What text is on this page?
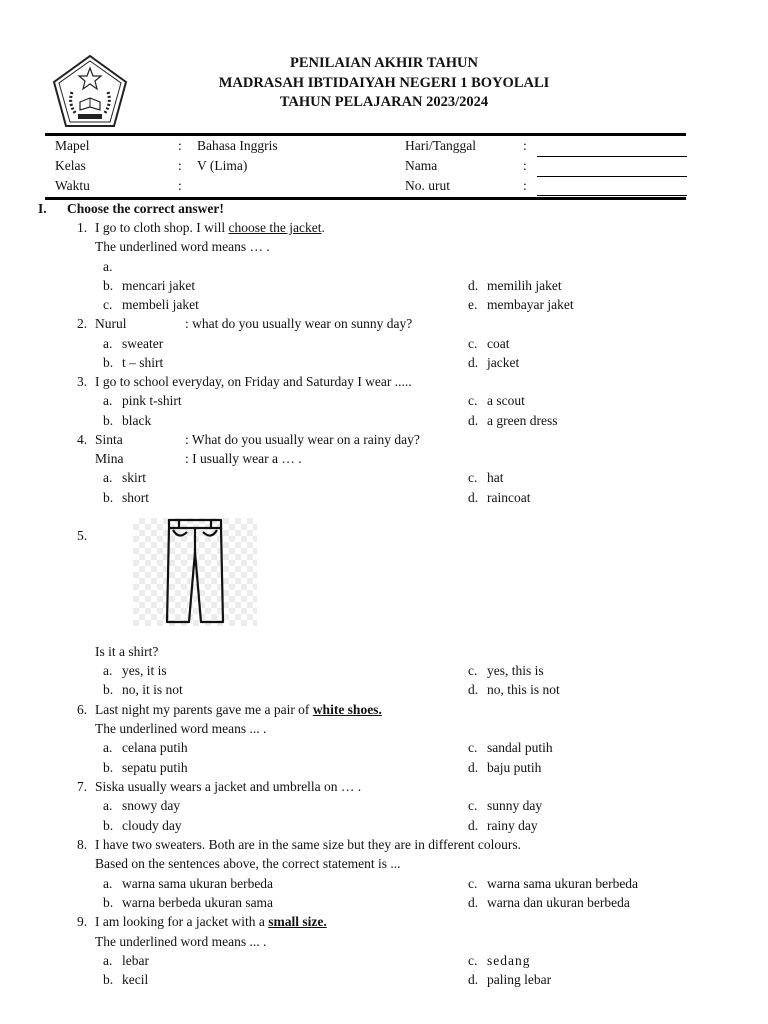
PENILAIAN AKHIR TAHUN
MADRASAH IBTIDAIYAH NEGERI 1 BOYOLALI
TAHUN PELAJARAN 2023/2024
Mapel	: Bahasa Inggris
Kelas	: V (Lima)
Waktu	:
Hari/Tanggal	:
Nama	:
No. urut	:
I. Choose the correct answer!
1. I go to cloth shop. I will choose the jacket.
The underlined word means … .
a.
b. mencari jaket
c. membeli jaket
d. memilih jaket
e. membayar jaket
2. Nurul	: what do you usually wear on sunny day?
a. sweater
b. t – shirt
c. coat
d. jacket
3. I go to school everyday, on Friday and Saturday I wear .....
a. pink t-shirt
b. black
c. a scout
d. a green dress
4. Sinta	: What do you usually wear on a rainy day?
Mina	: I usually wear a … .
a. skirt
b. short
c. hat
d. raincoat
5.
Is it a shirt?
a. yes, it is
b. no, it is not
c. yes, this is
d. no, this is not
6. Last night my parents gave me a pair of white shoes.
The underlined word means ... .
a. celana putih
b. sepatu putih
c. sandal putih
d. baju putih
7. Siska usually wears a jacket and umbrella on … .
a. snowy day
b. cloudy day
c. sunny day
d. rainy day
8. I have two sweaters. Both are in the same size but they are in different colours.
Based on the sentences above, the correct statement is ...
a. warna sama ukuran berbeda
b. warna berbeda ukuran sama
c. warna sama ukuran berbeda
d. warna dan ukuran berbeda
9. I am looking for a jacket with a small size.
The underlined word means ... .
a. lebar
b. kecil
c. sedang
d. paling lebar
